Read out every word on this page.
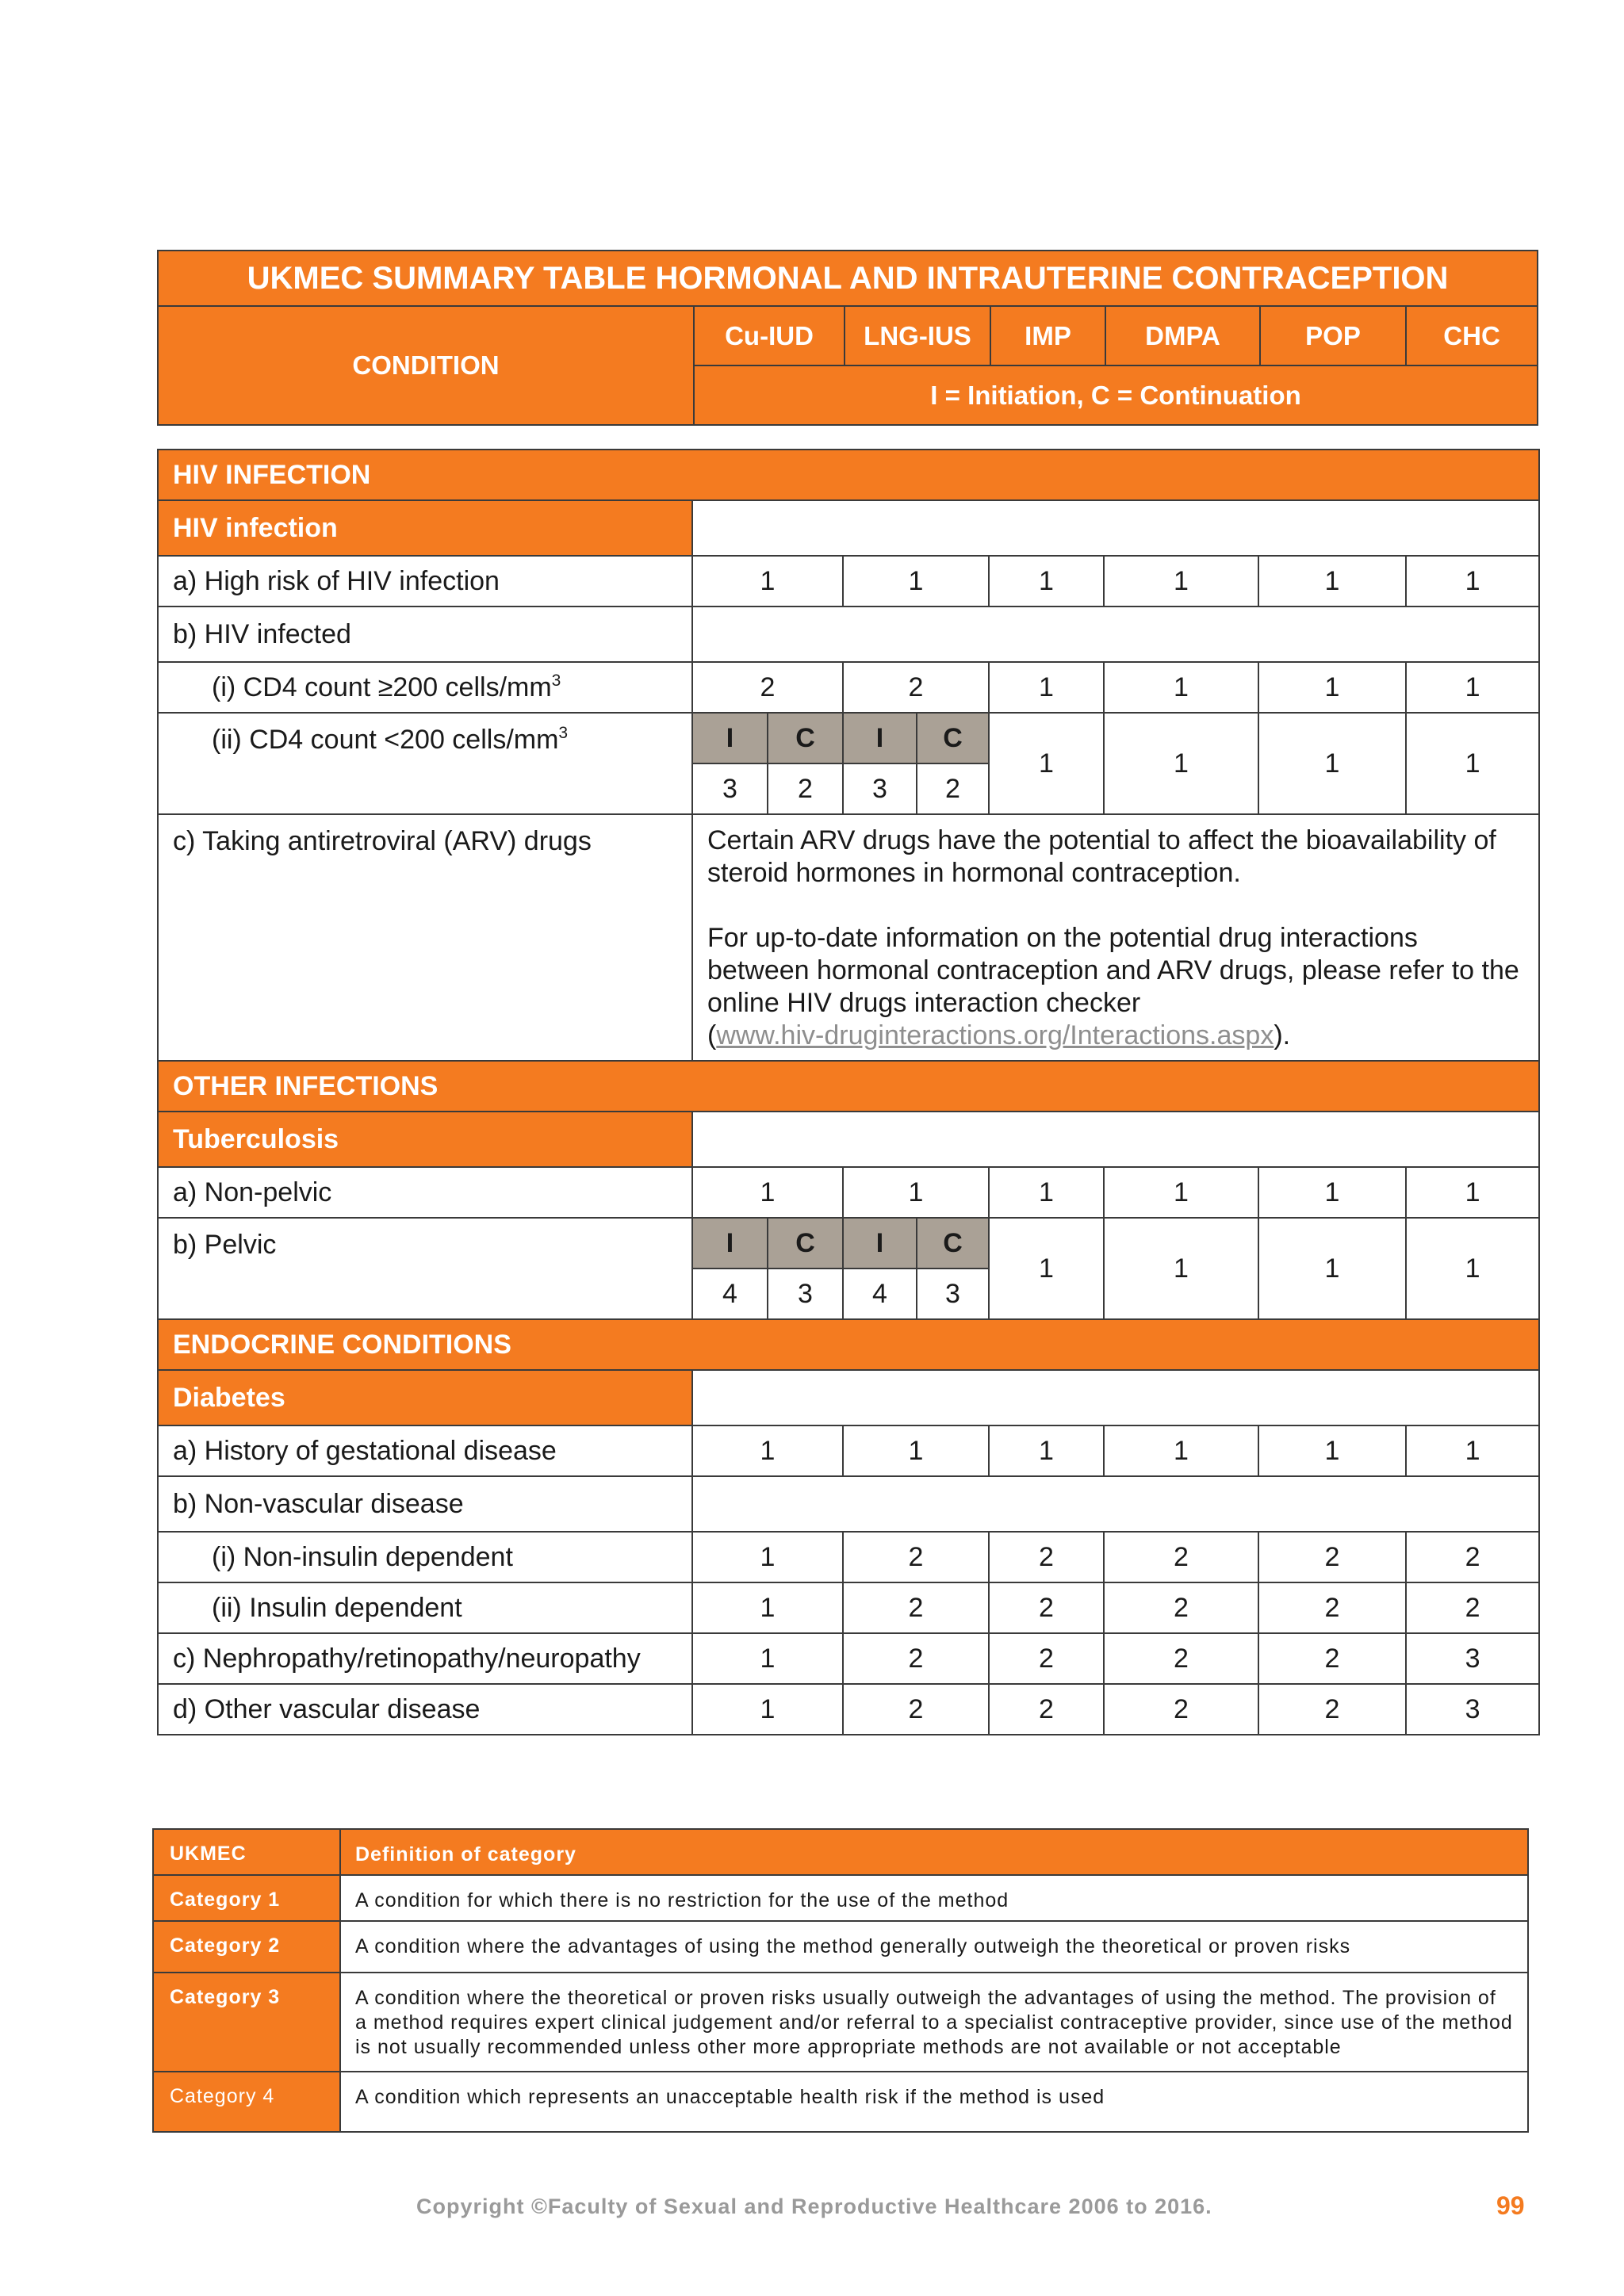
UKMEC SUMMARY TABLE HORMONAL AND INTRAUTERINE CONTRACEPTION
CONDITION	Cu-IUD	LNG-IUS	IMP	DMPA	POP	CHC
I = Initiation, C = Continuation
HIV INFECTION								
HIV infection								
a) High risk of HIV infection	1		1		1	1	1	1
b) HIV infected								
(i) CD4 count ≥200 cells/$mm^3$	2		2		1	1	1	1
(ii) CD4 count <200 cells/$mm^3$	I	C	I	C	1	1	1	1
	3	2	3	2				
c) Taking antiretroviral (ARV) drugs	Certain ARV drugs have the potential to affect the bioavailability of steroid hormones in hormonal contraception.

For up-to-date information on the potential drug interactions between hormonal contraception and ARV drugs, please refer to the online HIV drugs interaction checker
(www.hiv-druginteractions.org/Interactions.aspx).							

OTHER INFECTIONS								
Tuberculosis								
a) Non-pelvic	1		1		1	1	1	1
b) Pelvic	I	C	I	C	1	1	1	1
	4	3	4	3				
ENDOCRINE CONDITIONS								
Diabetes								
a) History of gestational disease	1		1		1	1	1	1
b) Non-vascular disease								
(i) Non-insulin dependent	1		2		2	2	2	2
(ii) Insulin dependent	1		2		2	2	2	2
c) Nephropathy/retinopathy/neuropathy	1		2		2	2	2	3
d) Other vascular disease	1		2		2	2	2	3
UKMEC	Definition of category
Category 1	A condition for which there is no restriction for the use of the method
Category 2	A condition where the advantages of using the method generally outweigh the theoretical or proven risks
Category 3	A condition where the theoretical or proven risks usually outweigh the advantages of using the method. The provision of a method requires expert clinical judgement and/or referral to a specialist contraceptive provider, since use of the method is not usually recommended unless other more appropriate methods are not available or not acceptable
Category 4	A condition which represents an unacceptable health risk if the method is used
Copyright ©Faculty of Sexual and Reproductive Healthcare 2006 to 2016.	99
